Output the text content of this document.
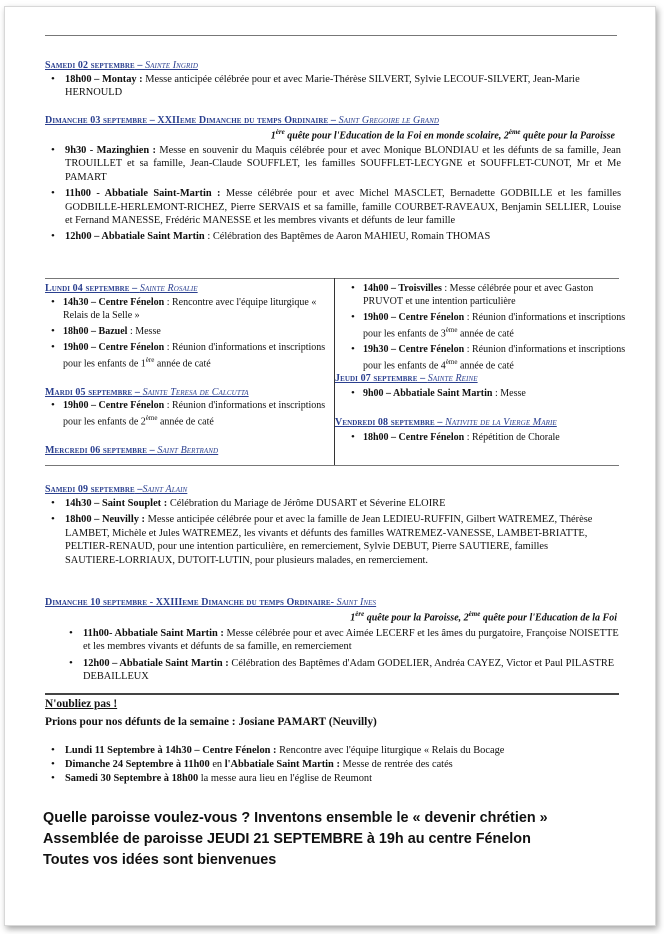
Samedi 02 septembre – Sainte Ingrid
• 18h00 – Montay : Messe anticipée célébrée pour et avec Marie-Thérèse SILVERT, Sylvie LECOUF-SILVERT, Jean-Marie HERNOULD
Dimanche 03 septembre – XXIIeme Dimanche du temps Ordinaire – Saint Gregoire le Grand
1ère quête pour l'Education de la Foi en monde scolaire, 2ème quête pour la Paroisse
• 9h30 - Mazinghien : Messe en souvenir du Maquis célébrée pour et avec Monique BLONDIAU et les défunts de sa famille, Jean TROUILLET et sa famille, Jean-Claude SOUFFLET, les familles SOUFFLET-LECYGNE et SOUFFLET-CUNOT, Mr et Me PAMART
• 11h00 - Abbatiale Saint-Martin : Messe célébrée pour et avec Michel MASCLET, Bernadette GODBILLE et les familles GODBILLE-HERLEMONT-RICHEZ, Pierre SERVAIS et sa famille, famille COURBET-RAVEAUX, Benjamin SELLIER, Louise et Fernand MANESSE, Frédéric MANESSE et les membres vivants et défunts de leur famille
• 12h00 – Abbatiale Saint Martin : Célébration des Baptêmes de Aaron MAHIEU, Romain THOMAS
Lundi 04 septembre – Sainte Rosalie
• 14h30 – Centre Fénelon : Rencontre avec l'équipe liturgique « Relais de la Selle »
• 18h00 – Bazuel : Messe
• 19h00 – Centre Fénelon : Réunion d'informations et inscriptions pour les enfants de 1ère année de caté
Mardi 05 septembre – Sainte Teresa de Calcutta
• 19h00 – Centre Fénelon : Réunion d'informations et inscriptions pour les enfants de 2ème année de caté
Mercredi 06 septembre – Saint Bertrand
• 14h00 – Troisvilles : Messe célébrée pour et avec Gaston PRUVOT et une intention particulière
• 19h00 – Centre Fénelon : Réunion d'informations et inscriptions pour les enfants de 3ème année de caté
• 19h30 – Centre Fénelon : Réunion d'informations et inscriptions pour les enfants de 4ème année de caté
Jeudi 07 septembre – Sainte Reine
• 9h00 – Abbatiale Saint Martin : Messe
Vendredi 08 septembre – Nativite de la Vierge Marie
• 18h00 – Centre Fénelon : Répétition de Chorale
Samedi 09 septembre –Saint Alain
• 14h30 – Saint Souplet : Célébration du Mariage de Jérôme DUSART et Séverine ELOIRE
• 18h00 – Neuvilly : Messe anticipée célébrée pour et avec la famille de Jean LEDIEU-RUFFIN, Gilbert WATREMEZ, Thérèse LAMBET, Michèle et Jules WATREMEZ, les vivants et défunts des familles WATREMEZ-VANESSE, LAMBET-BRIATTE, PELTIER-RENAUD, pour une intention particulière, en remerciement, Sylvie DEBUT, Pierre SAUTIERE, familles SAUTIERE-LORRIAUX, DUTOIT-LUTIN, pour plusieurs malades, en remerciement.
Dimanche 10 septembre - XXIIIeme Dimanche du temps Ordinaire- Saint Ines
1ère quête pour la Paroisse, 2ème quête pour l'Education de la Foi
• 11h00- Abbatiale Saint Martin : Messe célébrée pour et avec Aimée LECERF et les âmes du purgatoire, Françoise NOISETTE et les membres vivants et défunts de sa famille, en remerciement
• 12h00 – Abbatiale Saint Martin : Célébration des Baptêmes d'Adam GODELIER, Andréa CAYEZ, Victor et Paul PILASTRE DEBAILLEUX
N'oubliez pas !
Prions pour nos défunts de la semaine : Josiane PAMART (Neuvilly)
• Lundi 11 Septembre à 14h30 – Centre Fénelon : Rencontre avec l'équipe liturgique « Relais du Bocage
• Dimanche 24 Septembre à 11h00 en l'Abbatiale Saint Martin : Messe de rentrée des catés
• Samedi 30 Septembre à 18h00 la messe aura lieu en l'église de Reumont
Quelle paroisse voulez-vous ? Inventons ensemble le « devenir chrétien »
Assemblée de paroisse JEUDI 21 SEPTEMBRE à 19h au centre Fénelon
Toutes vos idées sont bienvenues
